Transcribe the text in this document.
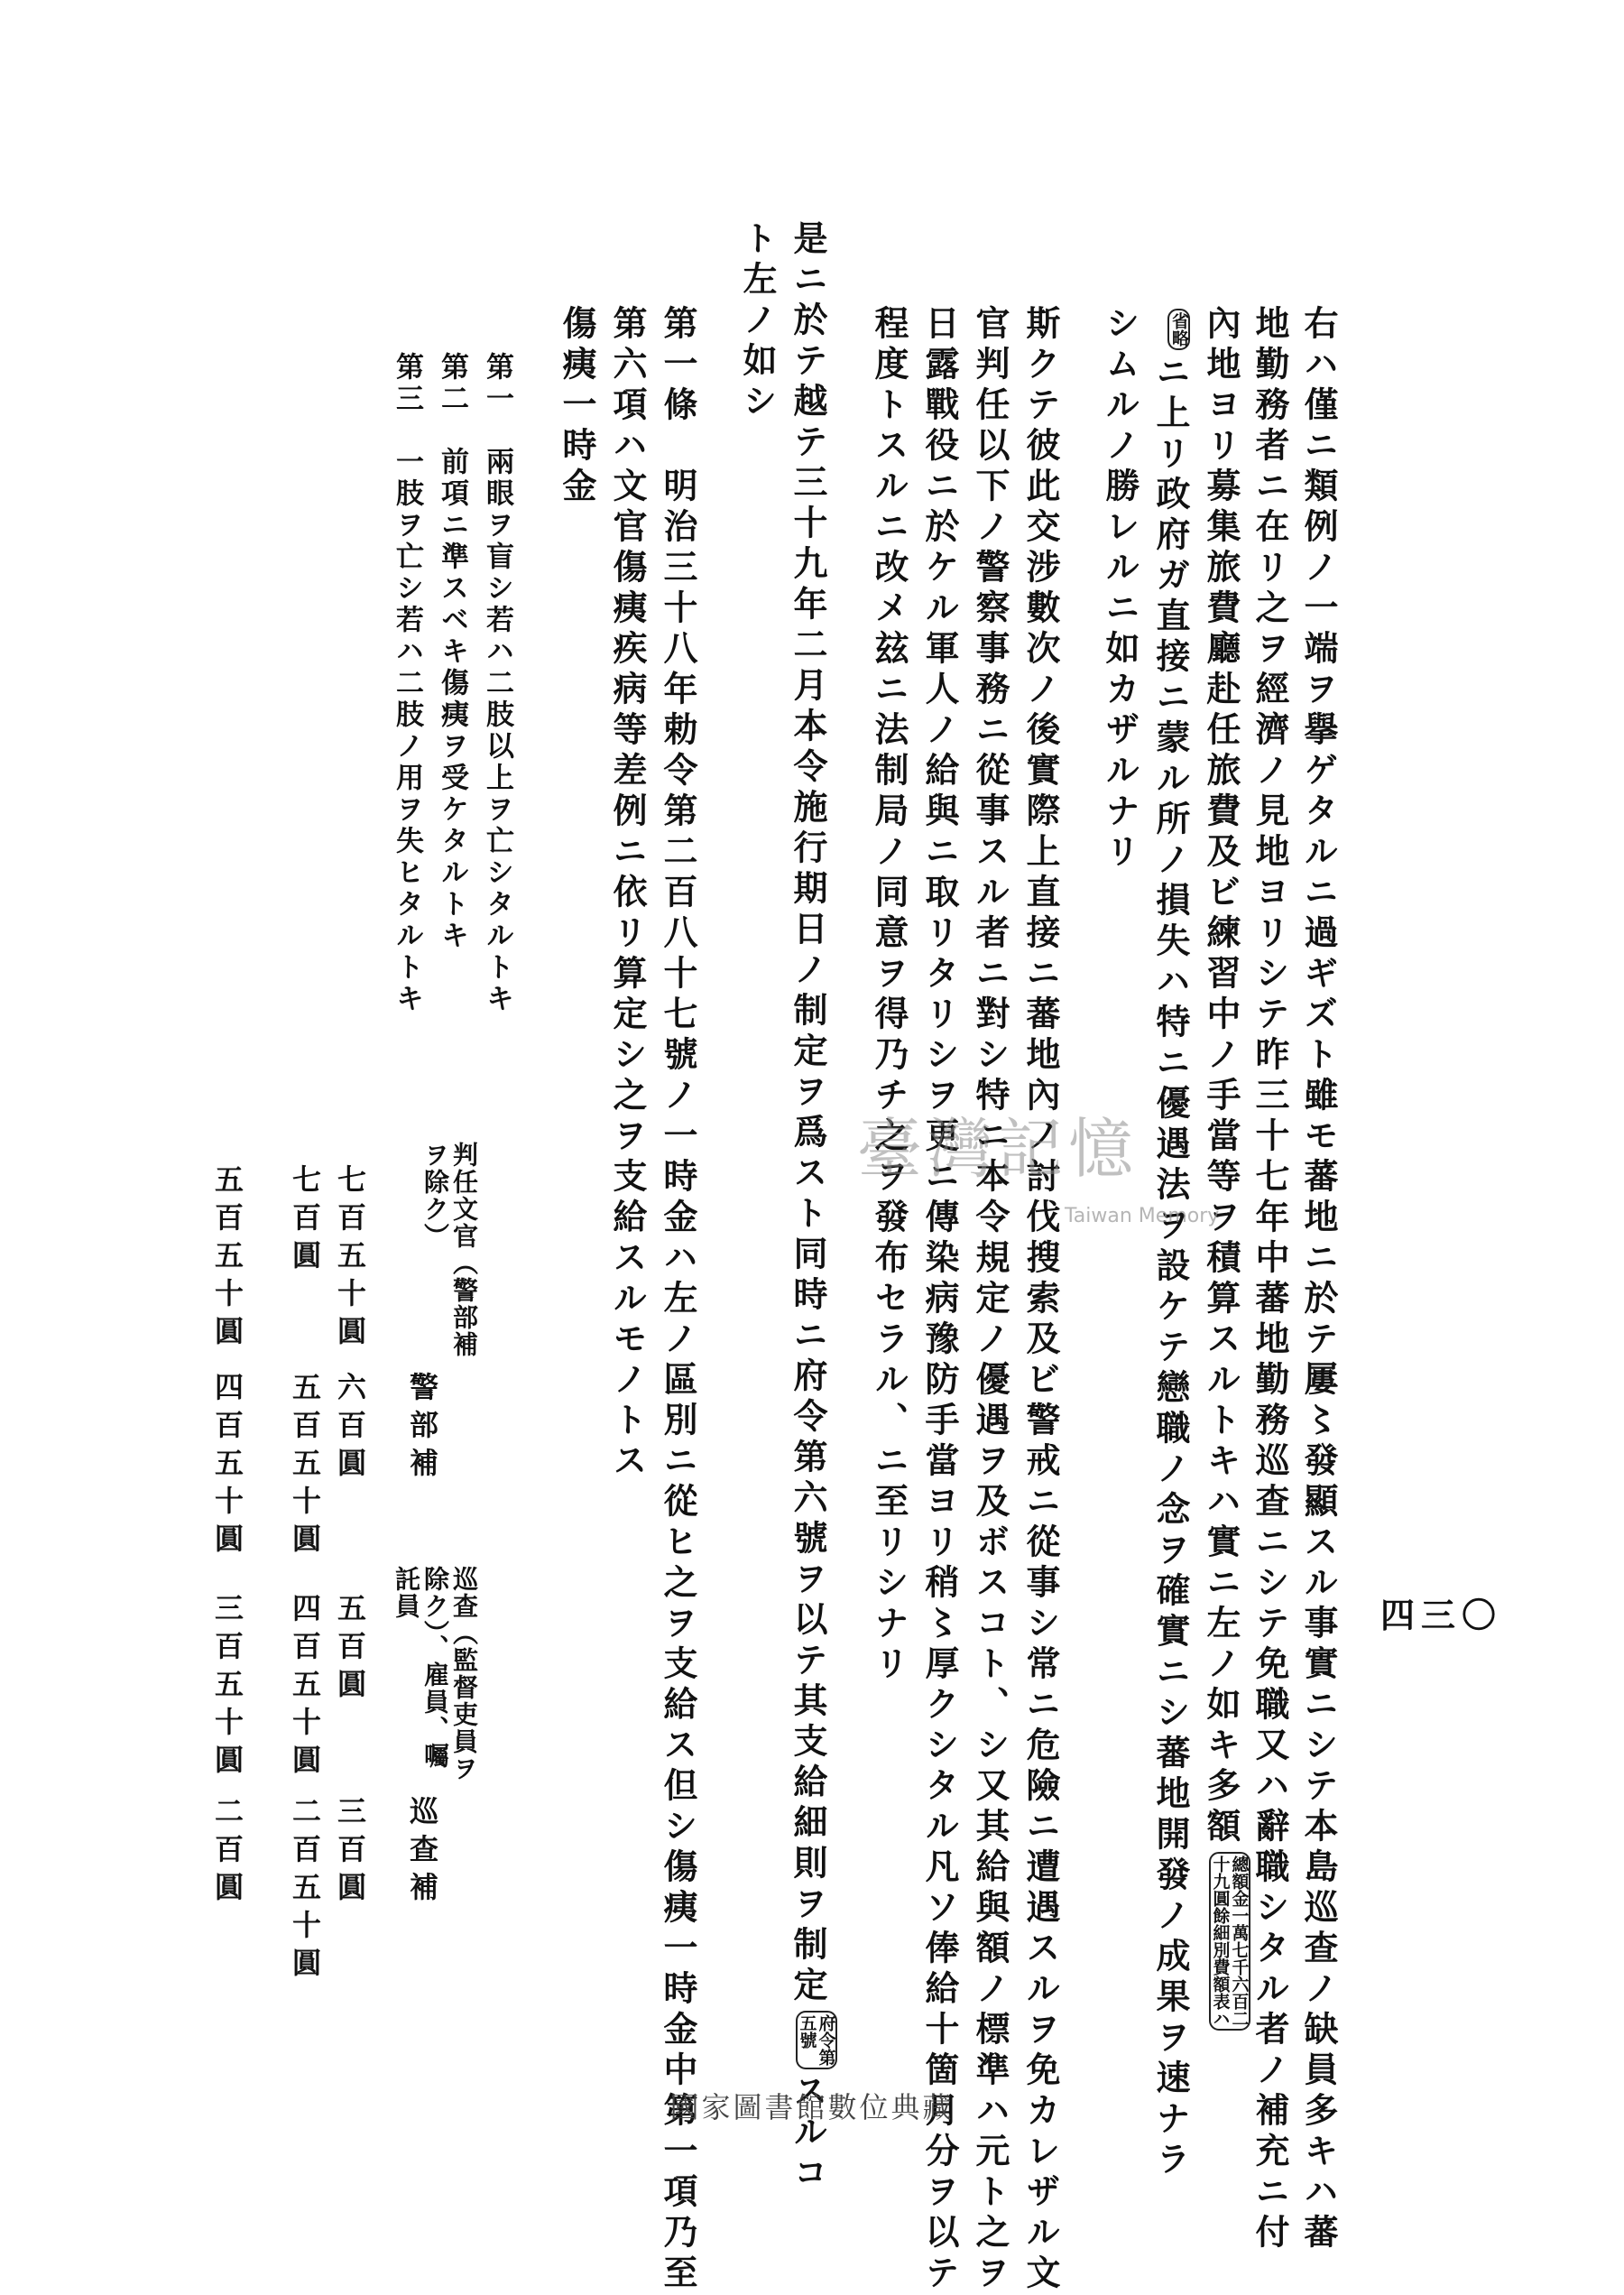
四三〇
右ハ僅ニ類例ノ一端ヲ擧ゲタルニ過ギズト雖モ蕃地ニ於テ屢〻發顯スル事實ニシテ本島巡查ノ缺員多キハ蕃
地勤務者ニ在リ之ヲ經濟ノ見地ヨリシテ昨三十七年中蕃地勤務巡查ニシテ免職又ハ辭職シタル者ノ補充ニ付
內地ヨリ募集旅費廳赴任旅費及ビ練習中ノ手當等ヲ積算スルトキハ實ニ左ノ如キ多額
總額金一萬七千六百二
十九圓餘細別費額表ハ
省略
ニ上リ政府ガ直接ニ蒙ル所ノ損失ハ特ニ優遇法ヲ設ケテ戀職ノ念ヲ確實ニシ蕃地開發ノ成果ヲ速ナラ
シムルノ勝レルニ如カザルナリ
斯クテ彼此交涉數次ノ後實際上直接ニ蕃地內ノ討伐搜索及ビ警戒ニ從事シ常ニ危險ニ遭遇スルヲ免カレザル文
官判任以下ノ警察事務ニ從事スル者ニ對シ特ニ本令規定ノ優遇ヲ及ボスコト、シ又其給與額ノ標準ハ元ト之ヲ
日露戰役ニ於ケル軍人ノ給與ニ取リタリシヲ更ニ傳染病豫防手當ヨリ稍〻厚クシタル凡ソ俸給十箇月分ヲ以テ
程度トスルニ改メ玆ニ法制局ノ同意ヲ得乃チ之ヲ發布セラル、ニ至リシナリ
是ニ於テ越テ三十九年二月本令施行期日ノ制定ヲ爲スト同時ニ府令第六號ヲ以テ其支給細則ヲ制定
府令第
五號
スルコ
ト左ノ如シ
第一條　明治三十八年勅令第二百八十七號ノ一時金ハ左ノ區別ニ從ヒ之ヲ支給ス但シ傷痍一時金中第一項乃至
第六項ハ文官傷痍疾病等差例ニ依リ算定シ之ヲ支給スルモノトス
傷痍一時金
第一　兩眼ヲ盲シ若ハ二肢以上ヲ亡シタルトキ
第二　前項ニ準スベキ傷痍ヲ受ケタルトキ
第三　一肢ヲ亡シ若ハ二肢ノ用ヲ失ヒタルトキ
判任文官（警部補ヲ除ク）
警部補
巡查（監督吏員ヲ除ク）、雇員、囑託員
巡查補
七百五十圓
六百圓
五百圓
三百圓
七百圓
五百五十圓
四百五十圓
二百五十圓
五百五十圓
四百五十圓
三百五十圓
二百圓
臺灣記憶
Taiwan Memory
國家圖書館數位典藏
